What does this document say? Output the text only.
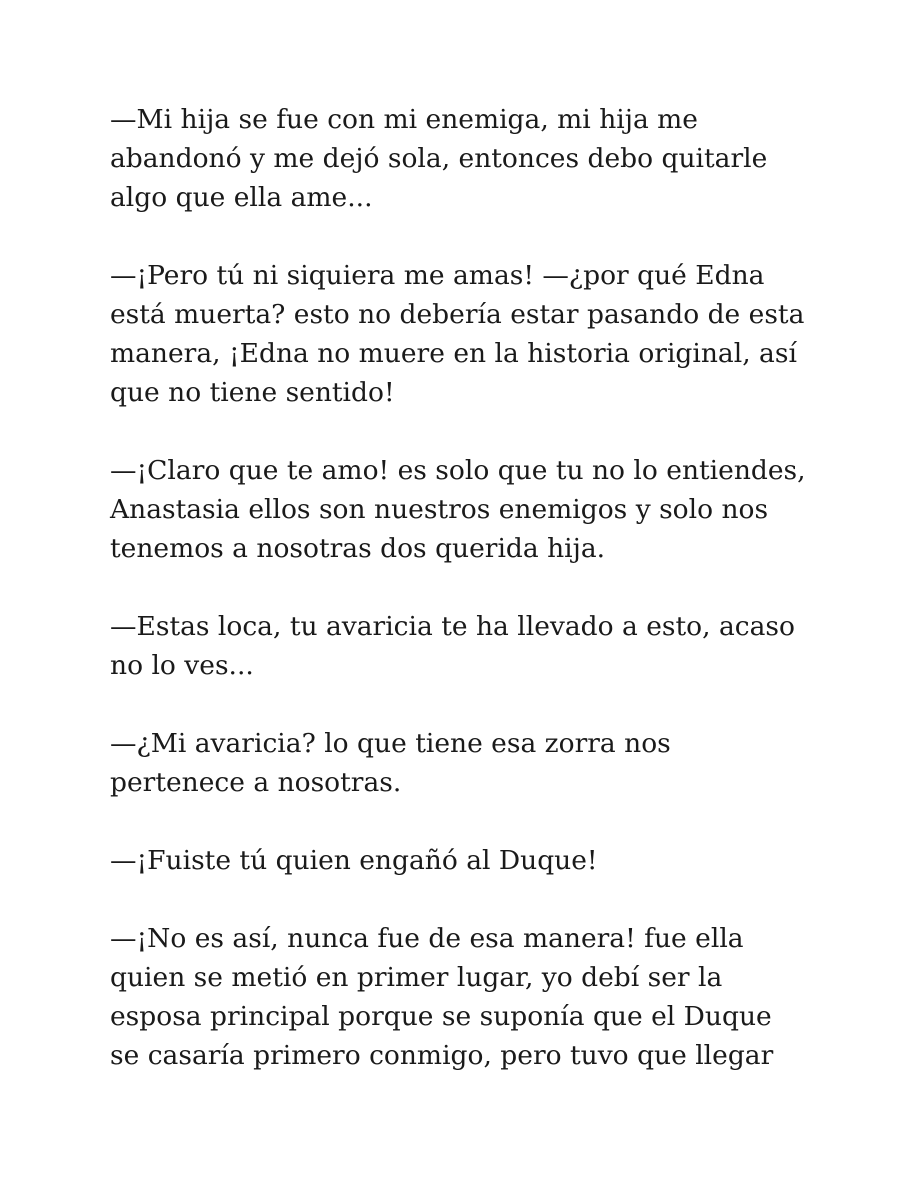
—Mi hija se fue con mi enemiga, mi hija me
abandonó y me dejó sola, entonces debo quitarle
algo que ella ame...

—¡Pero tú ni siquiera me amas! —¿por qué Edna
está muerta? esto no debería estar pasando de esta
manera, ¡Edna no muere en la historia original, así
que no tiene sentido!

—¡Claro que te amo! es solo que tu no lo entiendes,
Anastasia ellos son nuestros enemigos y solo nos
tenemos a nosotras dos querida hija.

—Estas loca, tu avaricia te ha llevado a esto, acaso
no lo ves...

—¿Mi avaricia? lo que tiene esa zorra nos
pertenece a nosotras.

—¡Fuiste tú quien engañó al Duque!

—¡No es así, nunca fue de esa manera! fue ella
quien se metió en primer lugar, yo debí ser la
esposa principal porque se suponía que el Duque
se casaría primero conmigo, pero tuvo que llegar
